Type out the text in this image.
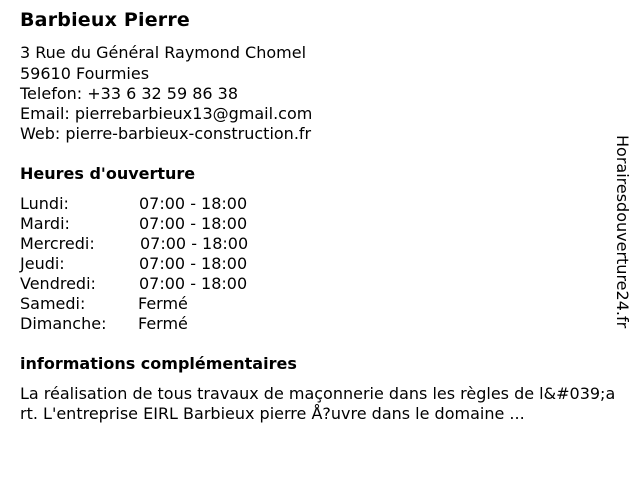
Barbieux Pierre
3 Rue du Général Raymond Chomel
59610 Fourmies
Telefon: +33 6 32 59 86 38
Email: pierrebarbieux13@gmail.com
Web: pierre-barbieux-construction.fr
Heures d'ouverture
Lundi:	07:00 - 18:00
Mardi:	07:00 - 18:00
Mercredi:	07:00 - 18:00
Jeudi:	07:00 - 18:00
Vendredi:	07:00 - 18:00
Samedi:	Fermé
Dimanche: Fermé
informations complémentaires
La réalisation de tous travaux de maçonnerie dans les règles de l&#039;art. L'entreprise EIRL Barbieux pierre Å?uvre dans le domaine ...
Horairesdouverture24.fr
